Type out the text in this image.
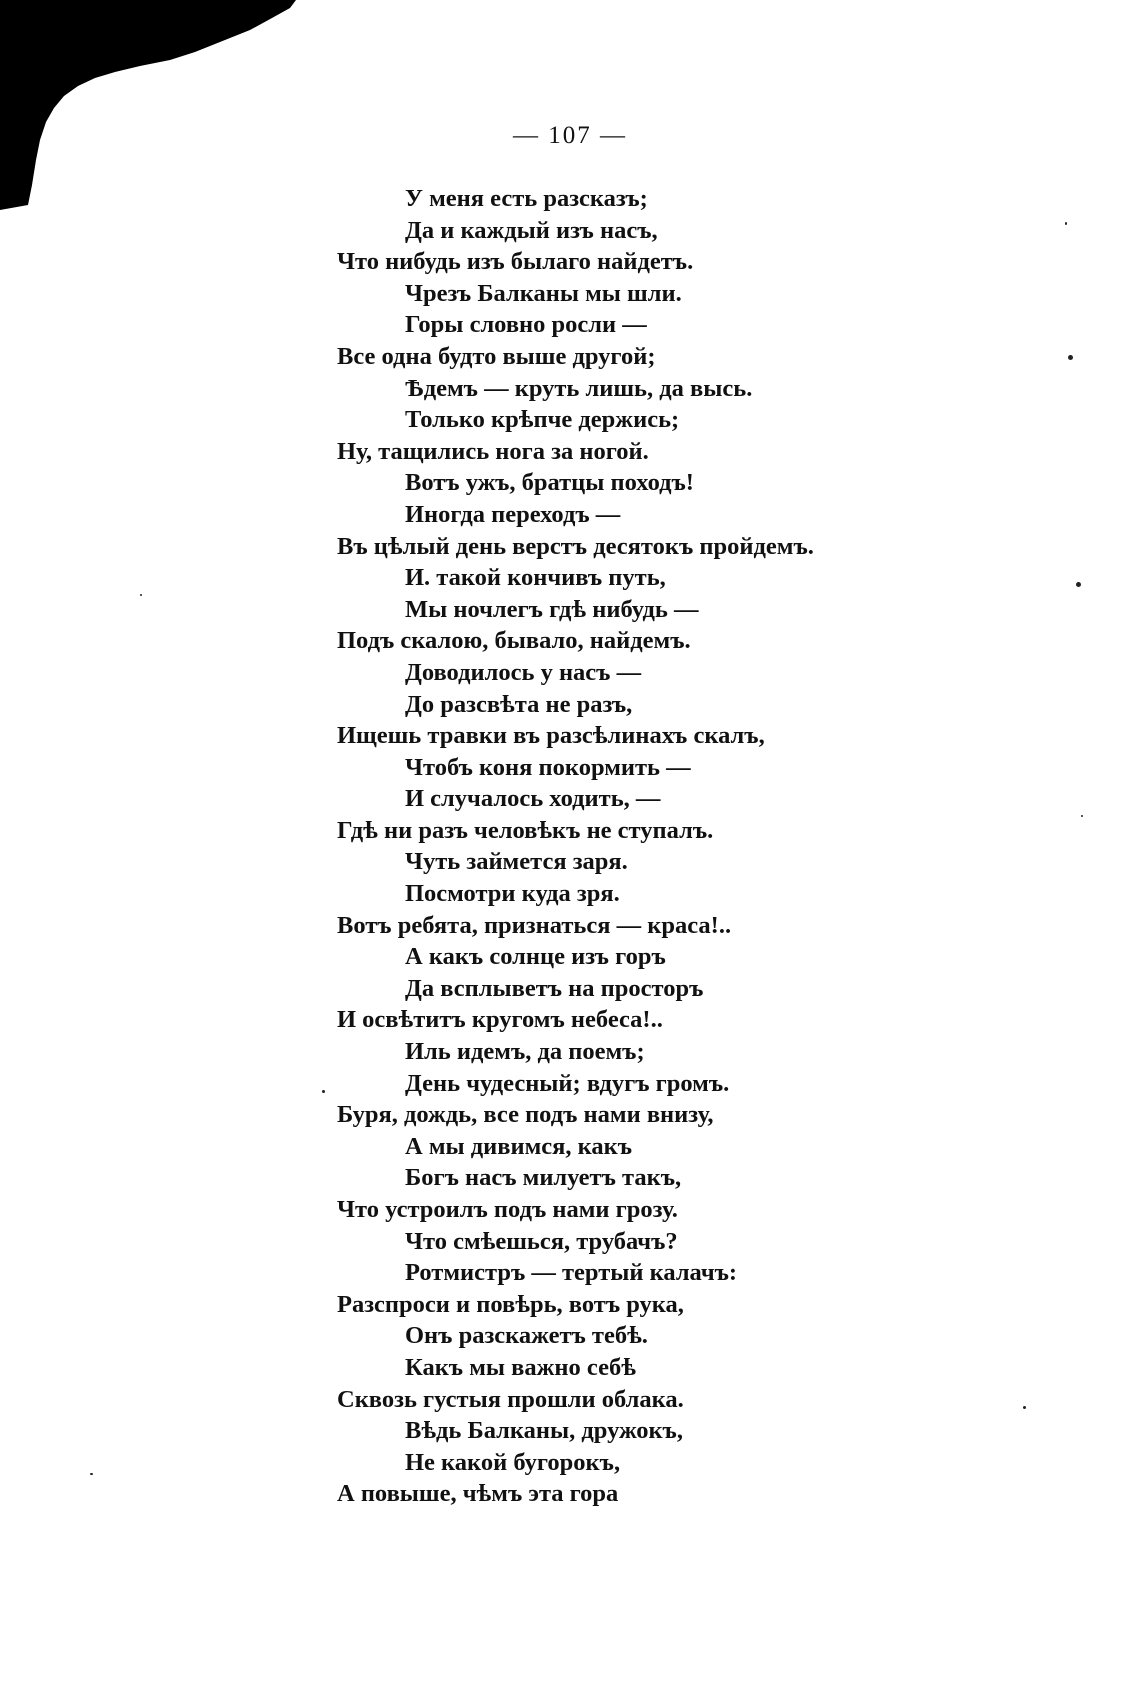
— 107 —
У меня есть разсказъ;
Да и каждый изъ насъ,
Что нибудь изъ былаго найдетъ.
Чрезъ Балканы мы шли.
Горы словно росли —
Все одна будто выше другой;
Ѣдемъ — круть лишь, да высь.
Только крѣпче держись;
Ну, тащились нога за ногой.
Вотъ ужъ, братцы походъ!
Иногда переходъ —
Въ цѣлый день верстъ десятокъ пройдемъ.
И. такой кончивъ путь,
Мы ночлегъ гдѣ нибудь —
Подъ скалою, бывало, найдемъ.
Доводилось у насъ —
До разсвѣта не разъ,
Ищешь травки въ разсѣлинахъ скалъ,
Чтобъ коня покормить —
И случалось ходить, —
Гдѣ ни разъ человѣкъ не ступалъ.
Чуть займется заря.
Посмотри куда зря.
Вотъ ребята, признаться — краса!..
А какъ солнце изъ горъ
Да всплыветъ на просторъ
И освѣтитъ кругомъ небеса!..
Иль идемъ, да поемъ;
День чудесный; вдугъ громъ.
Буря, дождь, все подъ нами внизу,
А мы дивимся, какъ
Богъ насъ милуетъ такъ,
Что устроилъ подъ нами грозу.
Что смѣешься, трубачъ?
Ротмистръ — тертый калачъ:
Разспроси и повѣрь, вотъ рука,
Онъ разскажетъ тебѣ.
Какъ мы важно себѣ
Сквозь густыя прошли облака.
Вѣдь Балканы, дружокъ,
Не какой бугорокъ,
А повыше, чѣмъ эта гора
